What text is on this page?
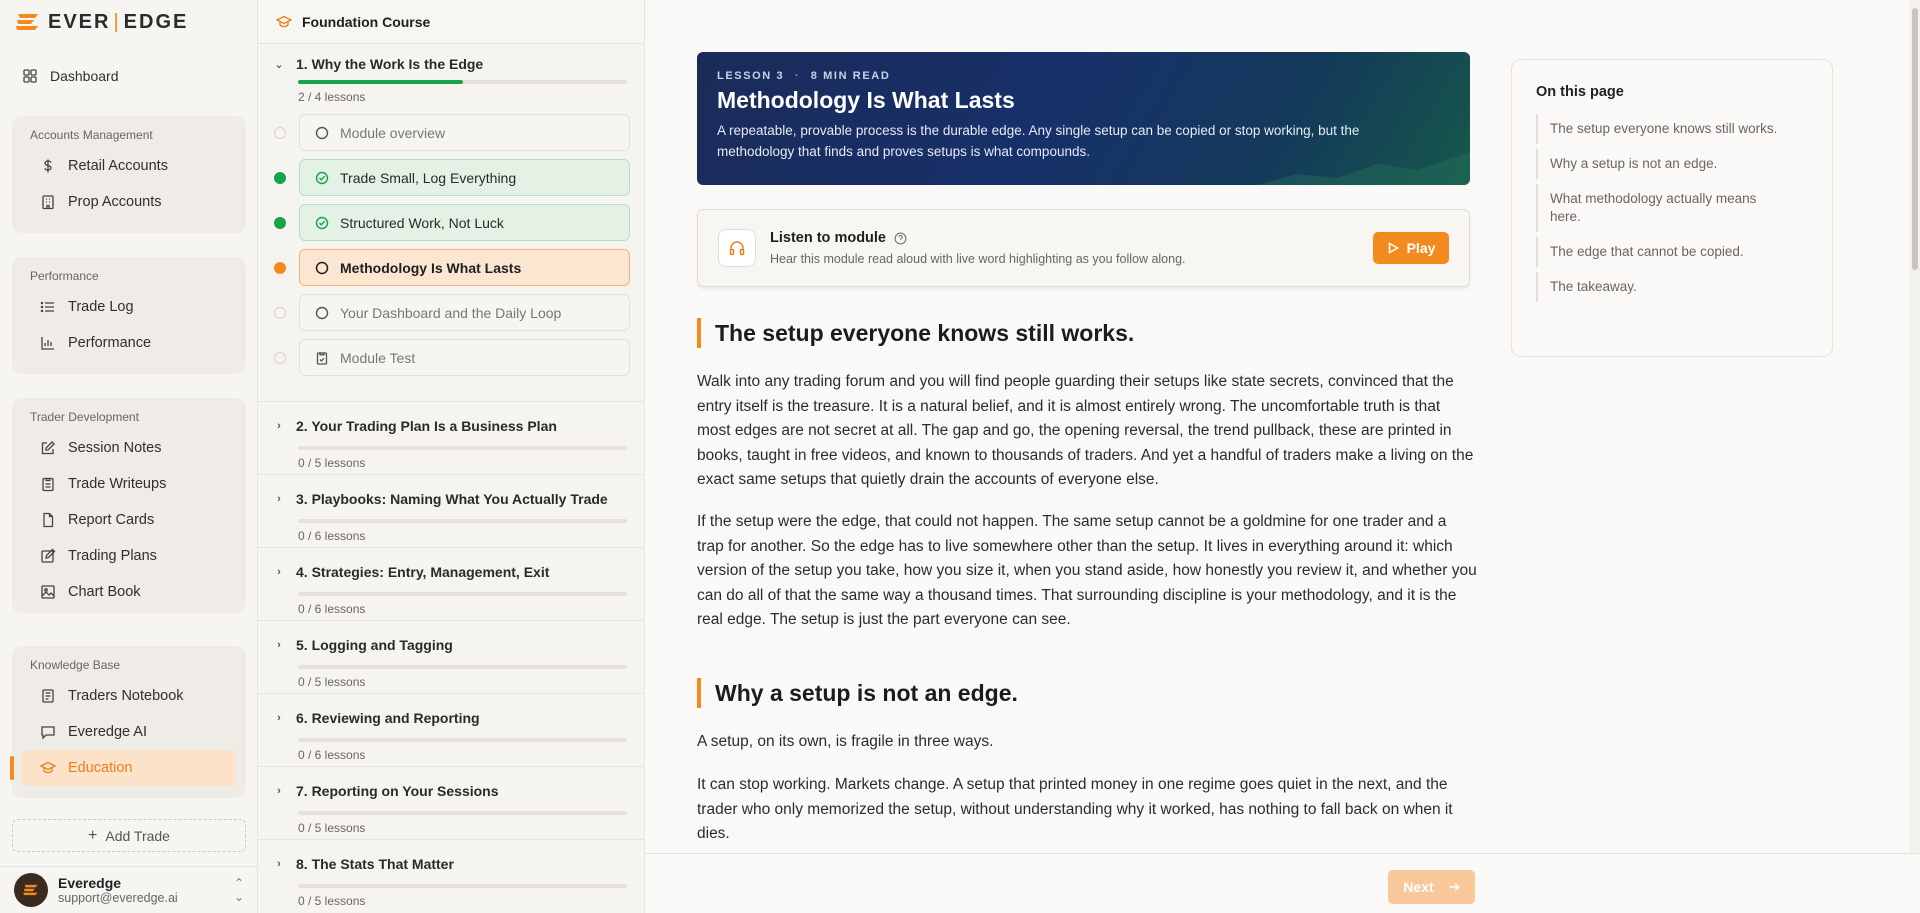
EVER | EDGE
Dashboard
Accounts Management
Retail Accounts
Prop Accounts
Performance
Trade Log
Performance
Trader Development
Session Notes
Trade Writeups
Report Cards
Trading Plans
Chart Book
Knowledge Base
Traders Notebook
Everedge AI
Education
+ Add Trade
Everedge
support@everedge.ai
⌃
⌄
Foundation Course
⌄ 1. Why the Work Is the Edge
2 / 4 lessons
Module overview
Trade Small, Log Everything
Structured Work, Not Luck
Methodology Is What Lasts
Your Dashboard and the Daily Loop
Module Test
› 2. Your Trading Plan Is a Business Plan
0 / 5 lessons
› 3. Playbooks: Naming What You Actually Trade
0 / 6 lessons
› 4. Strategies: Entry, Management, Exit
0 / 6 lessons
› 5. Logging and Tagging
0 / 5 lessons
› 6. Reviewing and Reporting
0 / 6 lessons
› 7. Reporting on Your Sessions
0 / 5 lessons
› 8. The Stats That Matter
0 / 5 lessons
LESSON 3 · 8 MIN READ
Methodology Is What Lasts
A repeatable, provable process is the durable edge. Any single setup can be copied or stop working, but the methodology that finds and proves setups is what compounds.
Listen to module
Hear this module read aloud with live word highlighting as you follow along.
Play
The setup everyone knows still works.
Walk into any trading forum and you will find people guarding their setups like state secrets, convinced that the entry itself is the treasure. It is a natural belief, and it is almost entirely wrong. The uncomfortable truth is that most edges are not secret at all. The gap and go, the opening reversal, the trend pullback, these are printed in books, taught in free videos, and known to thousands of traders. And yet a handful of traders make a living on the exact same setups that quietly drain the accounts of everyone else.
If the setup were the edge, that could not happen. The same setup cannot be a goldmine for one trader and a trap for another. So the edge has to live somewhere other than the setup. It lives in everything around it: which version of the setup you take, how you size it, when you stand aside, how honestly you review it, and whether you can do all of that the same way a thousand times. That surrounding discipline is your methodology, and it is the real edge. The setup is just the part everyone can see.
Why a setup is not an edge.
A setup, on its own, is fragile in three ways.
It can stop working. Markets change. A setup that printed money in one regime goes quiet in the next, and the trader who only memorized the setup, without understanding why it worked, has nothing to fall back on when it dies.
On this page
The setup everyone knows still works.
Why a setup is not an edge.
What methodology actually means here.
The edge that cannot be copied.
The takeaway.
Next
